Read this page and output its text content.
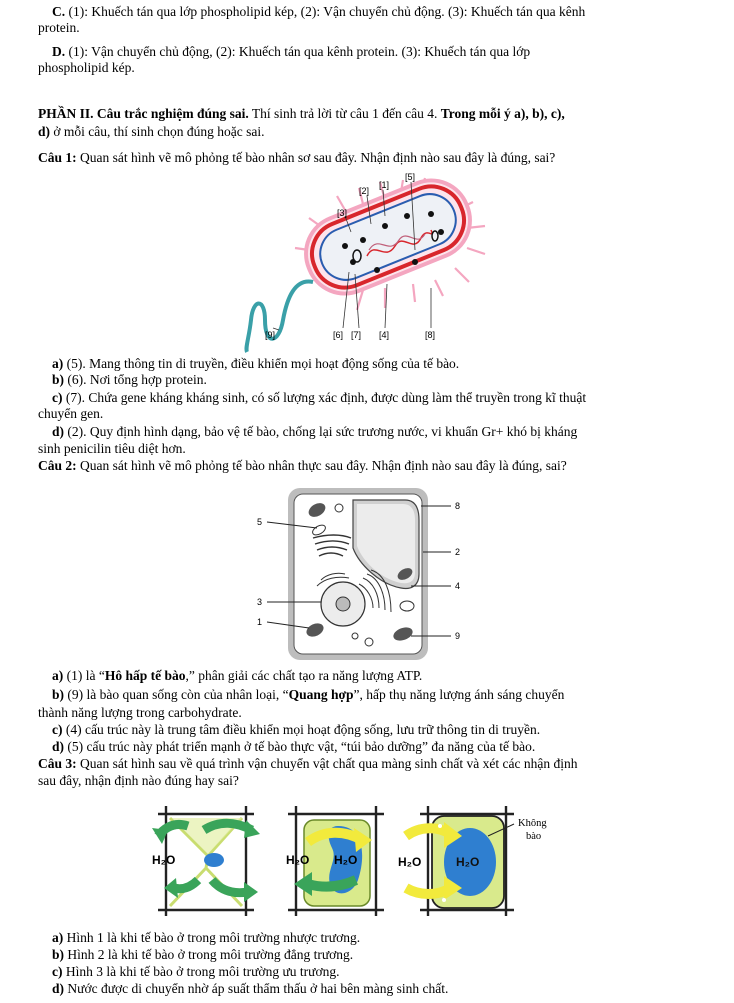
C. (1): Khuếch tán qua lớp phospholipid kép, (2): Vận chuyển chủ động. (3): Khuếch tán qua kênh
protein.
D. (1): Vận chuyển chủ động, (2): Khuếch tán qua kênh protein. (3): Khuếch tán qua lớp
phospholipid kép.
PHẦN II. Câu trắc nghiệm đúng sai. Thí sinh trả lời từ câu 1 đến câu 4. Trong mỗi ý a), b), c),
d) ở mỗi câu, thí sinh chọn đúng hoặc sai.
Câu 1: Quan sát hình vẽ mô phỏng tế bào nhân sơ sau đây. Nhận định nào sau đây là đúng, sai?
[1]
[2]
[3]
[4]
[5]
[6] [7]	[8]
[9]
a) (5). Mang thông tin di truyền, điều khiển mọi hoạt động sống của tế bào.
b) (6). Nơi tổng hợp protein.
c) (7). Chứa gene kháng kháng sinh, có số lượng xác định, được dùng làm thể truyền trong kĩ thuật
chuyển gen.
d) (2). Quy định hình dạng, bảo vệ tế bào, chống lại sức trương nước, vi khuẩn Gr+ khó bị kháng
sinh penicilin tiêu diệt hơn.
Câu 2: Quan sát hình vẽ mô phỏng tế bào nhân thực sau đây. Nhận định nào sau đây là đúng, sai?
5
3
1
8
2
4
9
a) (1) là “Hô hấp tế bào,” phân giải các chất tạo ra năng lượng ATP.
b) (9) là bào quan sống còn của nhân loại, “Quang hợp”, hấp thụ năng lượng ánh sáng chuyển
thành năng lượng trong carbohydrate.
c) (4) cấu trúc này là trung tâm điều khiển mọi hoạt động sống, lưu trữ thông tin di truyền.
d) (5) cấu trúc này phát triển mạnh ở tế bào thực vật, “túi bảo dưỡng” đa năng của tế bào.
Câu 3: Quan sát hình sau về quá trình vận chuyển vật chất qua màng sinh chất và xét các nhận định
sau đây, nhận định nào đúng hay sai?
H₂O	H₂O H₂O	H₂O	H₂O
Không
bào
a) Hình 1 là khi tế bào ở trong môi trường nhược trương.
b) Hình 2 là khi tế bào ở trong môi trường đẳng trương.
c) Hình 3 là khi tế bào ở trong môi trường ưu trương.
d) Nước được di chuyển nhờ áp suất thẩm thấu ở hai bên màng sinh chất.
